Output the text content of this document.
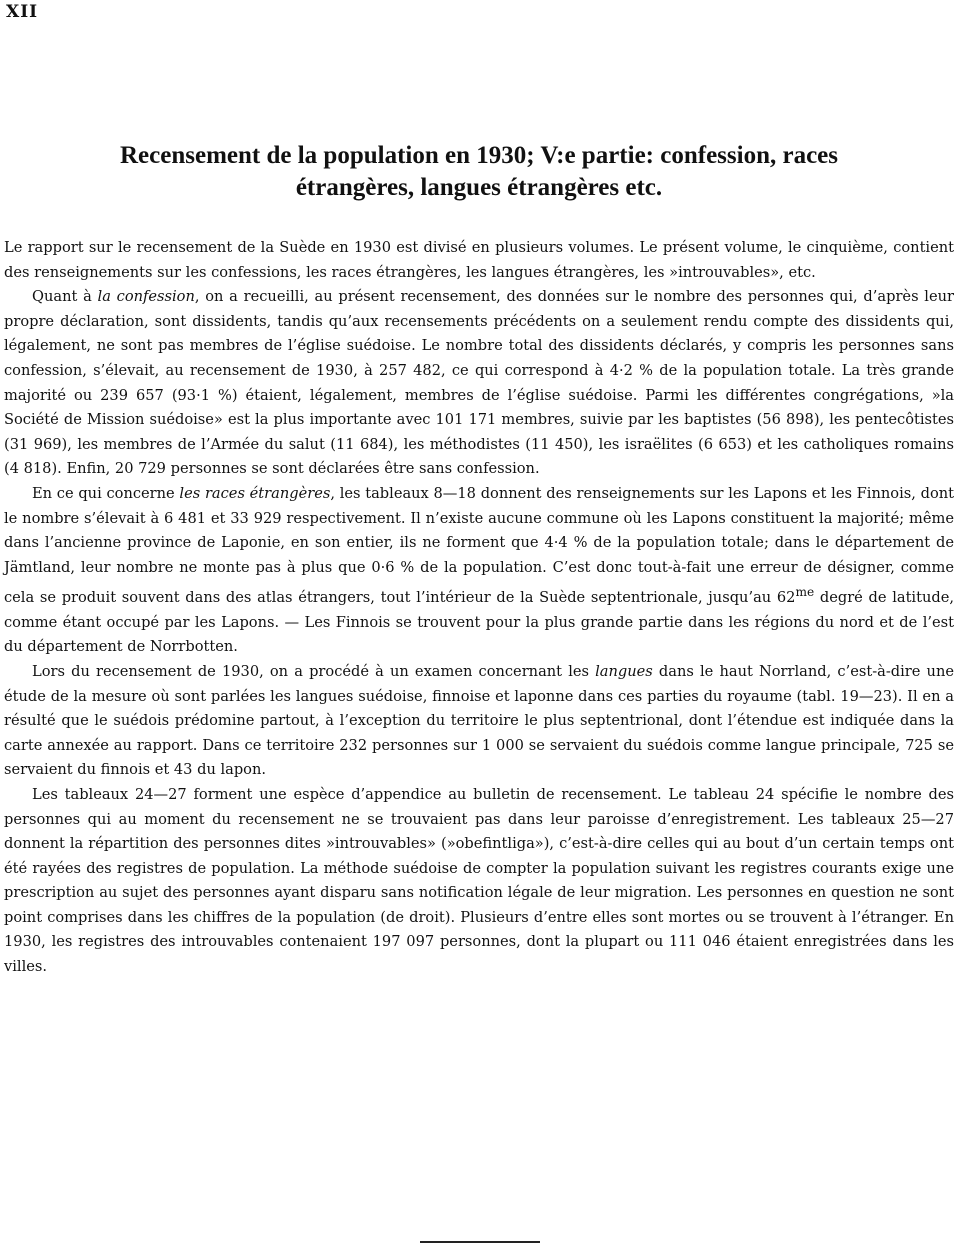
XII
Recensement de la population en 1930; V:e partie: confession, races
étrangères, langues étrangères etc.

Le rapport sur le recensement de la Suède en 1930 est divisé en plusieurs volumes. Le présent volume, le cinquième, contient des renseignements sur les confessions, les races étrangères, les langues étrangères, les »introuvables», etc.

Quant à la confession, on a recueilli, au présent recensement, des données sur le nombre des personnes qui, d’après leur propre déclaration, sont dissidents, tandis qu’aux recensements précédents on a seulement rendu compte des dissidents qui, légalement, ne sont pas membres de l’église suédoise. Le nombre total des dissidents déclarés, y compris les personnes sans confession, s’élevait, au recensement de 1930, à 257 482, ce qui correspond à 4·2 % de la population totale. La très grande majorité ou 239 657 (93·1 %) étaient, légalement, membres de l’église suédoise. Parmi les différentes congrégations, »la Société de Mission suédoise» est la plus importante avec 101 171 membres, suivie par les baptistes (56 898), les pentecôtistes (31 969), les membres de l’Armée du salut (11 684), les méthodistes (11 450), les israëlites (6 653) et les catholiques romains (4 818). Enfin, 20 729 personnes se sont déclarées être sans confession.

En ce qui concerne les races étrangères, les tableaux 8—18 donnent des renseignements sur les Lapons et les Finnois, dont le nombre s’élevait à 6 481 et 33 929 respectivement. Il n’existe aucune commune où les Lapons constituent la majorité; même dans l’ancienne province de Laponie, en son entier, ils ne forment que 4·4 % de la population totale; dans le département de Jämtland, leur nombre ne monte pas à plus que 0·6 % de la population. C’est donc tout-à-fait une erreur de désigner, comme cela se produit souvent dans des atlas étrangers, tout l’intérieur de la Suède septentrionale, jusqu’au $62^{me}$ degré de latitude, comme étant occupé par les Lapons. — Les Finnois se trouvent pour la plus grande partie dans les régions du nord et de l’est du département de Norrbotten.

Lors du recensement de 1930, on a procédé à un examen concernant les langues dans le haut Norrland, c’est-à-dire une étude de la mesure où sont parlées les langues suédoise, finnoise et laponne dans ces parties du royaume (tabl. 19—23). Il en a résulté que le suédois prédomine partout, à l’exception du territoire le plus septentrional, dont l’étendue est indiquée dans la carte annexée au rapport. Dans ce territoire 232 personnes sur 1 000 se servaient du suédois comme langue principale, 725 se servaient du finnois et 43 du lapon.

Les tableaux 24—27 forment une espèce d’appendice au bulletin de recensement. Le tableau 24 spécifie le nombre des personnes qui au moment du recensement ne se trouvaient pas dans leur paroisse d’enregistrement. Les tableaux 25—27 donnent la répartition des personnes dites »introuvables» (»obefintliga»), c’est-à-dire celles qui au bout d’un certain temps ont été rayées des registres de population. La méthode suédoise de compter la population suivant les registres courants exige une prescription au sujet des personnes ayant disparu sans notification légale de leur migration. Les personnes en question ne sont point comprises dans les chiffres de la population (de droit). Plusieurs d’entre elles sont mortes ou se trouvent à l’étranger. En 1930, les registres des introuvables contenaient 197 097 personnes, dont la plupart ou 111 046 étaient enregistrées dans les villes.
